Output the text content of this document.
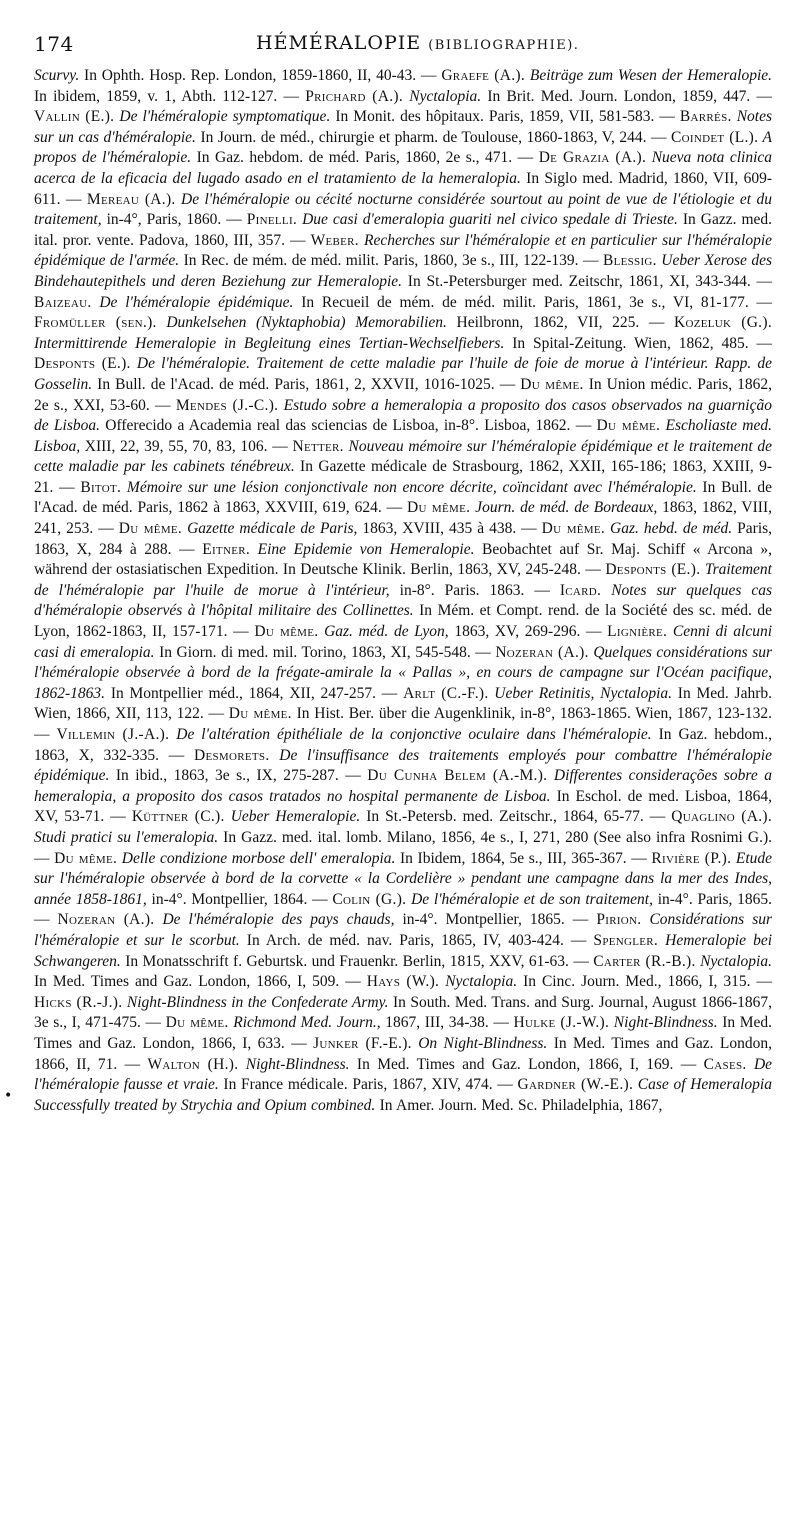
174	HÉMÉRALOPIE (BIBLIOGRAPHIE).
Scurvy. In Ophth. Hosp. Rep. London, 1859-1860, II, 40-43. — Graefe (A.). Beiträge zum Wesen der Hemeralopie. In ibidem, 1859, v. 1, Abth. 112-127. — Prichard (A.). Nyctalopia. In Brit. Med. Journ. London, 1859, 447. — Vallin (E.). De l'héméralopie symptomatique. In Monit. des hôpitaux. Paris, 1859, VII, 581-583. — Barrés. Notes sur un cas d'héméralopie. In Journ. de méd., chirurgie et pharm. de Toulouse, 1860-1863, V, 244. — Coindet (L.). A propos de l'héméralopie. In Gaz. hebdom. de méd. Paris, 1860, 2e s., 471. — De Grazia (A.). Nueva nota clinica acerca de la eficacia del lugado asado en el tratamiento de la hemeralopia. In Siglo med. Madrid, 1860, VII, 609-611. — Mereau (A.). De l'héméralopie ou cécité nocturne considérée sourtout au point de vue de l'étiologie et du traitement, in-4°, Paris, 1860. — Pinelli. Due casi d'emeralopia guariti nel civico spedale di Trieste. In Gazz. med. ital. pror. vente. Padova, 1860, III, 357. — Weber. Recherches sur l'héméralopie et en particulier sur l'héméralopie épidémique de l'armée. In Rec. de mém. de méd. milit. Paris, 1860, 3e s., III, 122-139. — Blessig. Ueber Xerose des Bindehautepithels und deren Beziehung zur Hemeralopie. In St.-Petersburger med. Zeitschr, 1861, XI, 343-344. — Baizeau. De l'héméralopie épidémique. In Recueil de mém. de méd. milit. Paris, 1861, 3e s., VI, 81-177. — Fromüller (sen.). Dunkelsehen (Nyktaphobia) Memorabilien. Heilbronn, 1862, VII, 225. — Kozeluk (G.). Intermittirende Hemeralopie in Begleitung eines Tertian-Wechselfiebers. In Spital-Zeitung. Wien, 1862, 485. — Desponts (E.). De l'héméralopie. Traitement de cette maladie par l'huile de foie de morue à l'intérieur. Rapp. de Gosselin. In Bull. de l'Acad. de méd. Paris, 1861, 2, XXVII, 1016-1025. — Du même. In Union médic. Paris, 1862, 2e s., XXI, 53-60. — Mendes (J.-C.). Estudo sobre a hemeralopia a proposito dos casos observados na guarnição de Lisboa. Offerecido a Academia real das sciencias de Lisboa, in-8°. Lisboa, 1862. — Du même. Escholiaste med. Lisboa, XIII, 22, 39, 55, 70, 83, 106. — Netter. Nouveau mémoire sur l'héméralopie épidémique et le traitement de cette maladie par les cabinets ténébreux. In Gazette médicale de Strasbourg, 1862, XXII, 165-186; 1863, XXIII, 9-21. — Bitot. Mémoire sur une lésion conjonctivale non encore décrite, coïncidant avec l'héméralopie. In Bull. de l'Acad. de méd. Paris, 1862 à 1863, XXVIII, 619, 624. — Du même. Journ. de méd. de Bordeaux, 1863, 1862, VIII, 241, 253. — Du même. Gazette médicale de Paris, 1863, XVIII, 435 à 438. — Du même. Gaz. hebd. de méd. Paris, 1863, X, 284 à 288. — Eitner. Eine Epidemie von Hemeralopie. Beobachtet auf Sr. Maj. Schiff « Arcona », während der ostasiatischen Expedition. In Deutsche Klinik. Berlin, 1863, XV, 245-248. — Desponts (E.). Traitement de l'héméralopie par l'huile de morue à l'intérieur, in-8°. Paris. 1863. — Icard. Notes sur quelques cas d'héméralopie observés à l'hôpital militaire des Collinettes. In Mém. et Compt. rend. de la Société des sc. méd. de Lyon, 1862-1863, II, 157-171. — Du même. Gaz. méd. de Lyon, 1863, XV, 269-296. — Lignière. Cenni di alcuni casi di emeralopia. In Giorn. di med. mil. Torino, 1863, XI, 545-548. — Nozeran (A.). Quelques considérations sur l'héméralopie observée à bord de la frégate-amirale la « Pallas », en cours de campagne sur l'Océan pacifique, 1862-1863. In Montpellier méd., 1864, XII, 247-257. — Arlt (C.-F.). Ueber Retinitis, Nyctalopia. In Med. Jahrb. Wien, 1866, XII, 113, 122. — Du même. In Hist. Ber. über die Augenklinik, in-8°, 1863-1865. Wien, 1867, 123-132. — Villemin (J.-A.). De l'altération épithéliale de la conjonctive oculaire dans l'héméralopie. In Gaz. hebdom., 1863, X, 332-335. — Desmorets. De l'insuffisance des traitements employés pour combattre l'héméralopie épidémique. In ibid., 1863, 3e s., IX, 275-287. — Du Cunha Belem (A.-M.). Differentes considerações sobre a hemeralopia, a proposito dos casos tratados no hospital permanente de Lisboa. In Eschol. de med. Lisboa, 1864, XV, 53-71. — Küttner (C.). Ueber Hemeralopie. In St.-Petersb. med. Zeitschr., 1864, 65-77. — Quaglino (A.). Studi pratici su l'emeralopia. In Gazz. med. ital. lomb. Milano, 1856, 4e s., I, 271, 280 (See also infra Rosnimi G.). — Du même. Delle condizione morbose dell' emeralopia. In Ibidem, 1864, 5e s., III, 365-367. — Rivière (P.). Etude sur l'héméralopie observée à bord de la corvette « la Cordelière » pendant une campagne dans la mer des Indes, année 1858-1861, in-4°. Montpellier, 1864. — Colin (G.). De l'héméralopie et de son traitement, in-4°. Paris, 1865. — Nozeran (A.). De l'héméralopie des pays chauds, in-4°. Montpellier, 1865. — Pirion. Considérations sur l'héméralopie et sur le scorbut. In Arch. de méd. nav. Paris, 1865, IV, 403-424. — Spengler. Hemeralopie bei Schwangeren. In Monatsschrift f. Geburtsk. und Frauenkr. Berlin, 1815, XXV, 61-63. — Carter (R.-B.). Nyctalopia. In Med. Times and Gaz. London, 1866, I, 509. — Hays (W.). Nyctalopia. In Cinc. Journ. Med., 1866, I, 315. — Hicks (R.-J.). Night-Blindness in the Confederate Army. In South. Med. Trans. and Surg. Journal, August 1866-1867, 3e s., I, 471-475. — Du même. Richmond Med. Journ., 1867, III, 34-38. — Hulke (J.-W.). Night-Blindness. In Med. Times and Gaz. London, 1866, I, 633. — Junker (F.-E.). On Night-Blindness. In Med. Times and Gaz. London, 1866, II, 71. — Walton (H.). Night-Blindness. In Med. Times and Gaz. London, 1866, I, 169. — Cases. De l'héméralopie fausse et vraie. In France médicale. Paris, 1867, XIV, 474. — Gardner (W.-E.). Case of Hemeralopia Successfully treated by Strychia and Opium combined. In Amer. Journ. Med. Sc. Philadelphia, 1867,
•
